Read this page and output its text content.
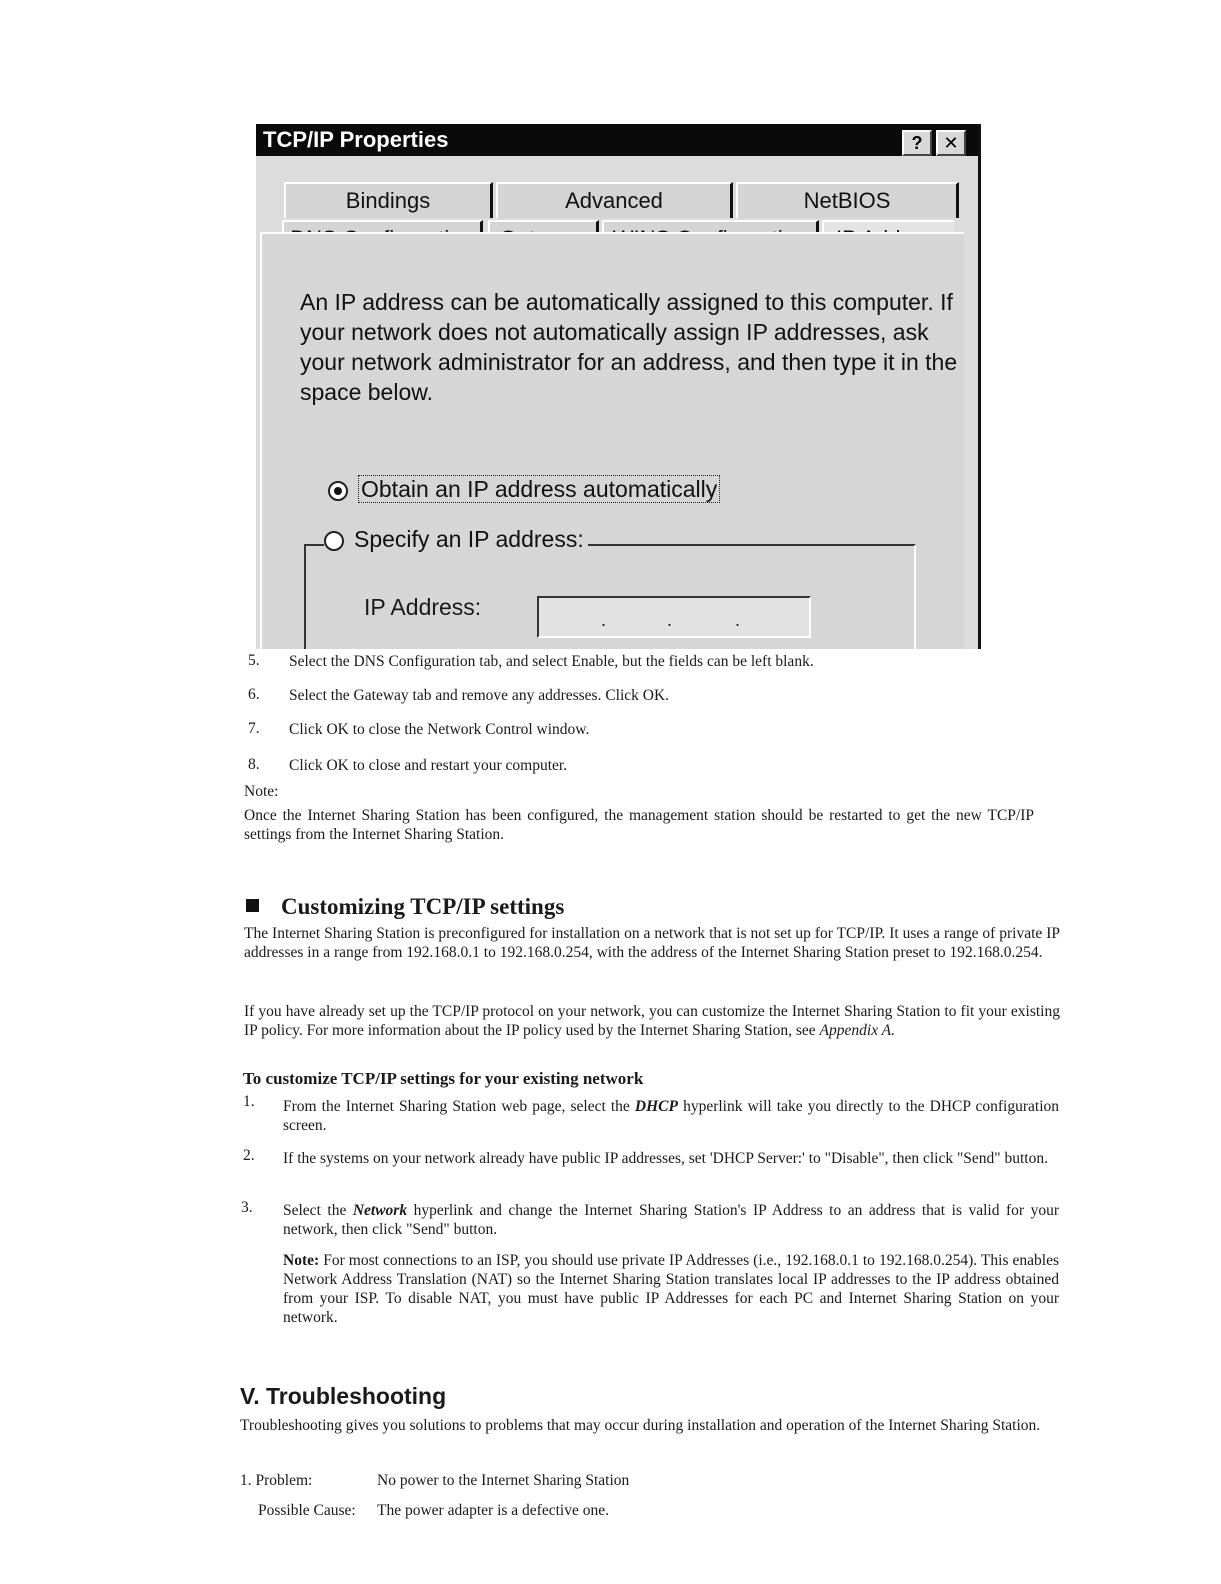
TCP/IP Properties	?	✕
Bindings	Advanced	NetBIOS
An IP address can be automatically assigned to this computer. If your network does not automatically assign IP addresses, ask your network administrator for an address, and then type it in the space below.
Obtain an IP address automatically
Specify an IP address:
IP Address:	.	.	.
5. Select the DNS Configuration tab, and select Enable, but the fields can be left blank.
6. Select the Gateway tab and remove any addresses. Click OK.
7. Click OK to close the Network Control window.
8. Click OK to close and restart your computer.
Note:
Once the Internet Sharing Station has been configured, the management station should be restarted to get the new TCP/IP settings from the Internet Sharing Station.
Customizing TCP/IP settings
The Internet Sharing Station is preconfigured for installation on a network that is not set up for TCP/IP. It uses a range of private IP addresses in a range from 192.168.0.1 to 192.168.0.254, with the address of the Internet Sharing Station preset to 192.168.0.254.
If you have already set up the TCP/IP protocol on your network, you can customize the Internet Sharing Station to fit your existing IP policy. For more information about the IP policy used by the Internet Sharing Station, see Appendix A.
To customize TCP/IP settings for your existing network
1. From the Internet Sharing Station web page, select the DHCP hyperlink will take you directly to the DHCP configuration screen.
2. If the systems on your network already have public IP addresses, set 'DHCP Server:' to "Disable", then click "Send" button.
3. Select the Network hyperlink and change the Internet Sharing Station's IP Address to an address that is valid for your network, then click "Send" button.
Note: For most connections to an ISP, you should use private IP Addresses (i.e., 192.168.0.1 to 192.168.0.254). This enables Network Address Translation (NAT) so the Internet Sharing Station translates local IP addresses to the IP address obtained from your ISP. To disable NAT, you must have public IP Addresses for each PC and Internet Sharing Station on your network.
V. Troubleshooting
Troubleshooting gives you solutions to problems that may occur during installation and operation of the Internet Sharing Station.
1. Problem:	No power to the Internet Sharing Station
Possible Cause: The power adapter is a defective one.
